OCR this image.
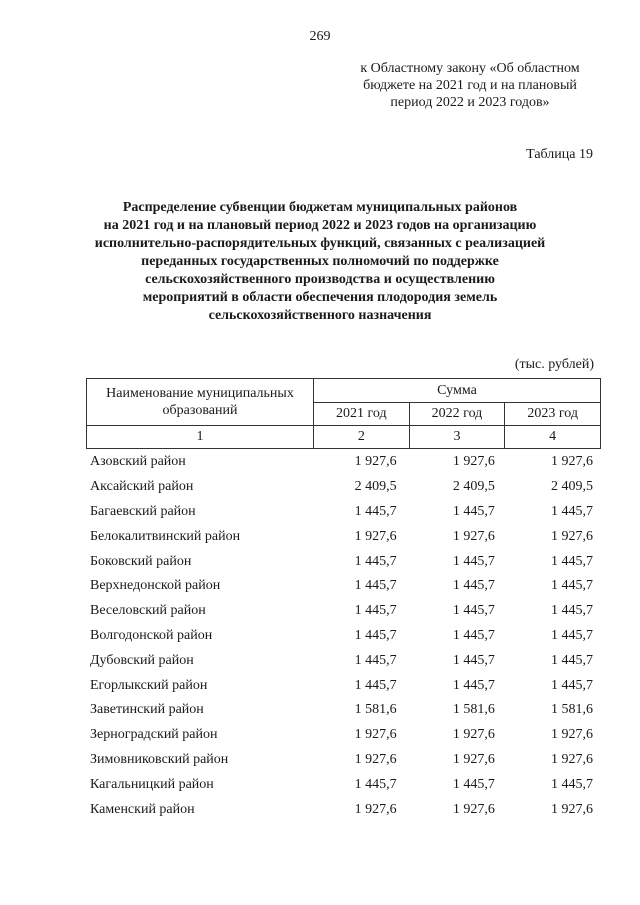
269
к Областному закону «Об областном
бюджете на 2021 год и на плановый
период 2022 и 2023 годов»
Таблица 19
Распределение субвенции бюджетам муниципальных районов
на 2021 год и на плановый период 2022 и 2023 годов на организацию
исполнительно-распорядительных функций, связанных с реализацией
переданных государственных полномочий по поддержке
сельскохозяйственного производства и осуществлению
мероприятий в области обеспечения плодородия земель
сельскохозяйственного назначения
(тыс. рублей)
Наименование муниципальных
образований	Сумма		
	2021 год	2022 год	2023 год
1	2	3	4
Азовский район	1 927,6	1 927,6	1 927,6
Аксайский район	2 409,5	2 409,5	2 409,5
Багаевский район	1 445,7	1 445,7	1 445,7
Белокалитвинский район	1 927,6	1 927,6	1 927,6
Боковский район	1 445,7	1 445,7	1 445,7
Верхнедонской район	1 445,7	1 445,7	1 445,7
Веселовский район	1 445,7	1 445,7	1 445,7
Волгодонской район	1 445,7	1 445,7	1 445,7
Дубовский район	1 445,7	1 445,7	1 445,7
Егорлыкский район	1 445,7	1 445,7	1 445,7
Заветинский район	1 581,6	1 581,6	1 581,6
Зерноградский район	1 927,6	1 927,6	1 927,6
Зимовниковский район	1 927,6	1 927,6	1 927,6
Кагальницкий район	1 445,7	1 445,7	1 445,7
Каменский район	1 927,6	1 927,6	1 927,6
